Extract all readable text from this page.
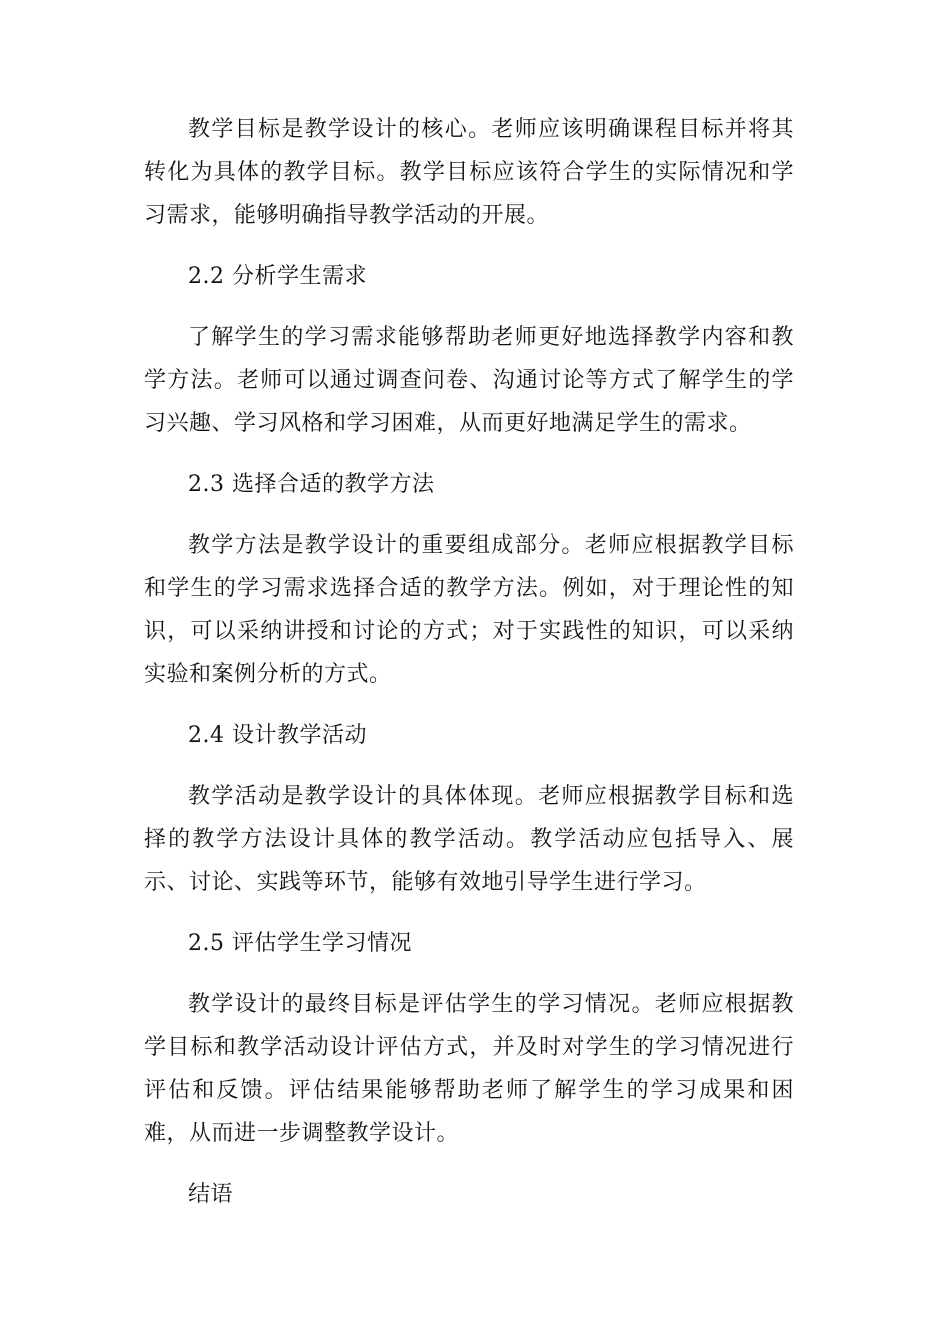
教学目标是教学设计的核心。老师应该明确课程目标并将其转化为具体的教学目标。教学目标应该符合学生的实际情况和学习需求，能够明确指导教学活动的开展。

2.2 分析学生需求

了解学生的学习需求能够帮助老师更好地选择教学内容和教学方法。老师可以通过调查问卷、沟通讨论等方式了解学生的学习兴趣、学习风格和学习困难，从而更好地满足学生的需求。

2.3 选择合适的教学方法

教学方法是教学设计的重要组成部分。老师应根据教学目标和学生的学习需求选择合适的教学方法。例如，对于理论性的知识，可以采纳讲授和讨论的方式；对于实践性的知识，可以采纳实验和案例分析的方式。

2.4 设计教学活动

教学活动是教学设计的具体体现。老师应根据教学目标和选择的教学方法设计具体的教学活动。教学活动应包括导入、展示、讨论、实践等环节，能够有效地引导学生进行学习。

2.5 评估学生学习情况

教学设计的最终目标是评估学生的学习情况。老师应根据教学目标和教学活动设计评估方式，并及时对学生的学习情况进行评估和反馈。评估结果能够帮助老师了解学生的学习成果和困难，从而进一步调整教学设计。

结语
